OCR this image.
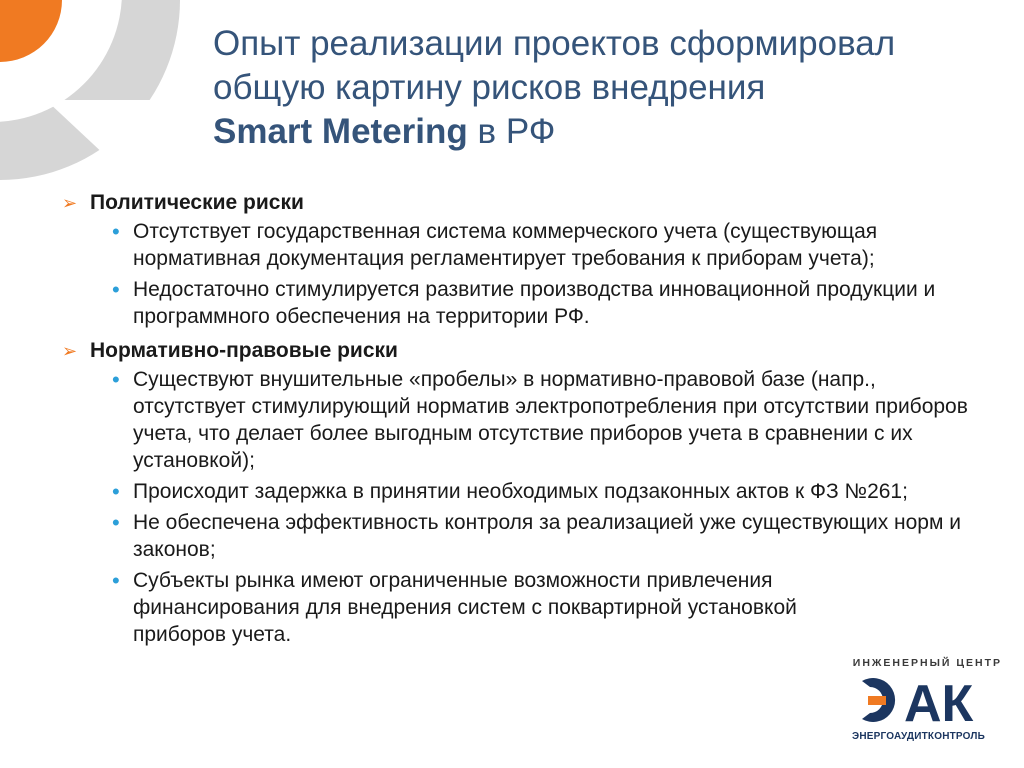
Опыт реализации проектов сформировал
общую картину рисков внедрения
Smart Metering в РФ
➢ Политические риски
• Отсутствует государственная система коммерческого учета (существующая нормативная документация регламентирует требования к приборам учета);
• Недостаточно стимулируется развитие производства инновационной продукции и программного обеспечения на территории РФ.
➢ Нормативно-правовые риски
• Существуют внушительные «пробелы» в нормативно-правовой базе (напр., отсутствует стимулирующий норматив электропотребления при отсутствии приборов учета, что делает более выгодным отсутствие приборов учета в сравнении с их установкой);
• Происходит задержка в принятии необходимых подзаконных актов к ФЗ №261;
• Не обеспечена эффективность контроля за реализацией уже существующих норм и законов;
• Субъекты рынка имеют ограниченные возможности привлечения финансирования для внедрения систем с поквартирной установкой приборов учета.
ИНЖЕНЕРНЫЙ ЦЕНТР
АК
ЭНЕРГОАУДИТКОНТРОЛЬ
